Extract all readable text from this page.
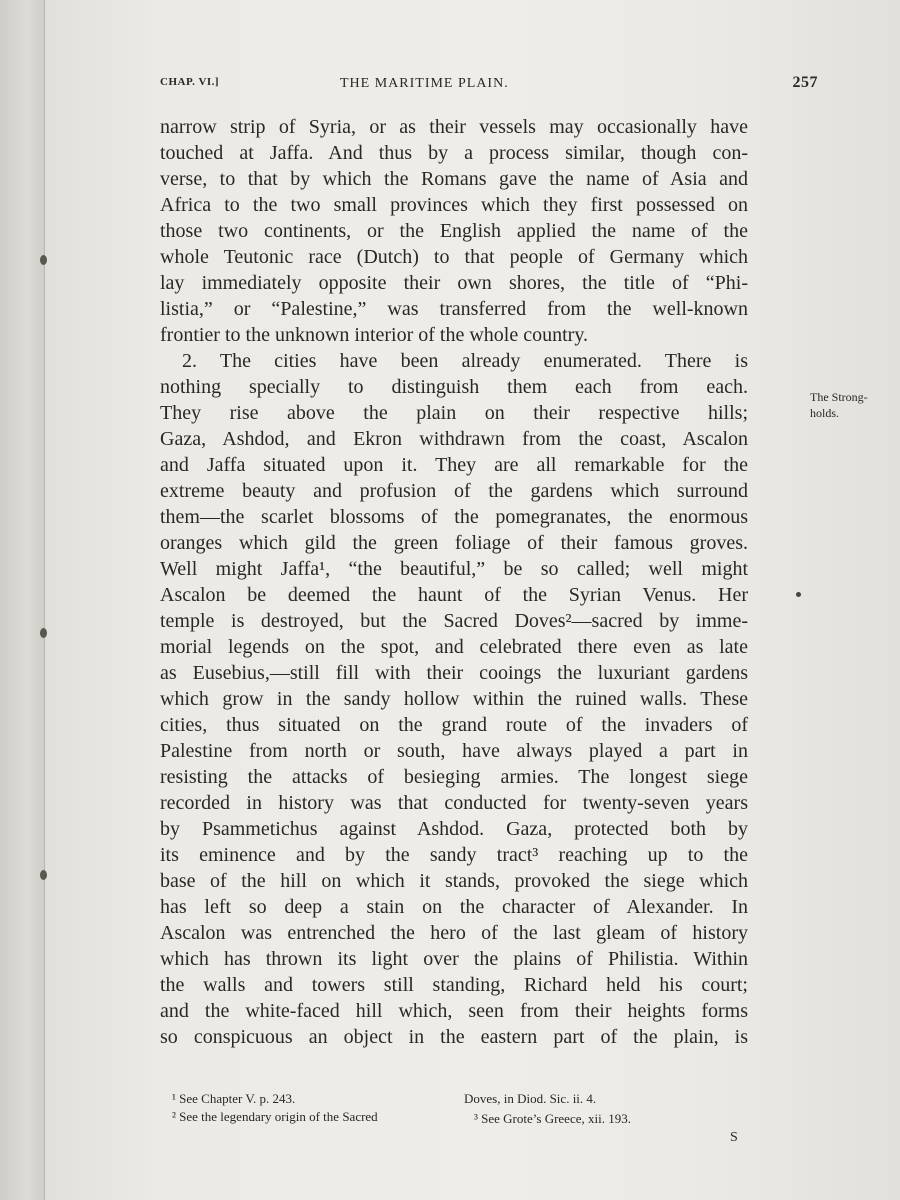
CHAP. VI.]	THE MARITIME PLAIN.	257
narrow strip of Syria, or as their vessels may occasionally have
touched at Jaffa. And thus by a process similar, though con-
verse, to that by which the Romans gave the name of Asia and
Africa to the two small provinces which they first possessed on
those two continents, or the English applied the name of the
whole Teutonic race (Dutch) to that people of Germany which
lay immediately opposite their own shores, the title of “Phi-
listia,” or “Palestine,” was transferred from the well-known
frontier to the unknown interior of the whole country.
2. The cities have been already enumerated. There is
nothing specially to distinguish them each from each.
They rise above the plain on their respective hills;
Gaza, Ashdod, and Ekron withdrawn from the coast, Ascalon
and Jaffa situated upon it. They are all remarkable for the
extreme beauty and profusion of the gardens which surround
them—the scarlet blossoms of the pomegranates, the enormous
oranges which gild the green foliage of their famous groves.
Well might Jaffa¹, “the beautiful,” be so called; well might
Ascalon be deemed the haunt of the Syrian Venus. Her
temple is destroyed, but the Sacred Doves²—sacred by imme-
morial legends on the spot, and celebrated there even as late
as Eusebius,—still fill with their cooings the luxuriant gardens
which grow in the sandy hollow within the ruined walls. These
cities, thus situated on the grand route of the invaders of
Palestine from north or south, have always played a part in
resisting the attacks of besieging armies. The longest siege
recorded in history was that conducted for twenty-seven years
by Psammetichus against Ashdod. Gaza, protected both by
its eminence and by the sandy tract³ reaching up to the
base of the hill on which it stands, provoked the siege which
has left so deep a stain on the character of Alexander. In
Ascalon was entrenched the hero of the last gleam of history
which has thrown its light over the plains of Philistia. Within
the walls and towers still standing, Richard held his court;
and the white-faced hill which, seen from their heights forms
so conspicuous an object in the eastern part of the plain, is
The Strong-
holds.
¹ See Chapter V. p. 243.
² See the legendary origin of the Sacred
Doves, in Diod. Sic. ii. 4.
³ See Grote’s Greece, xii. 193.
S
